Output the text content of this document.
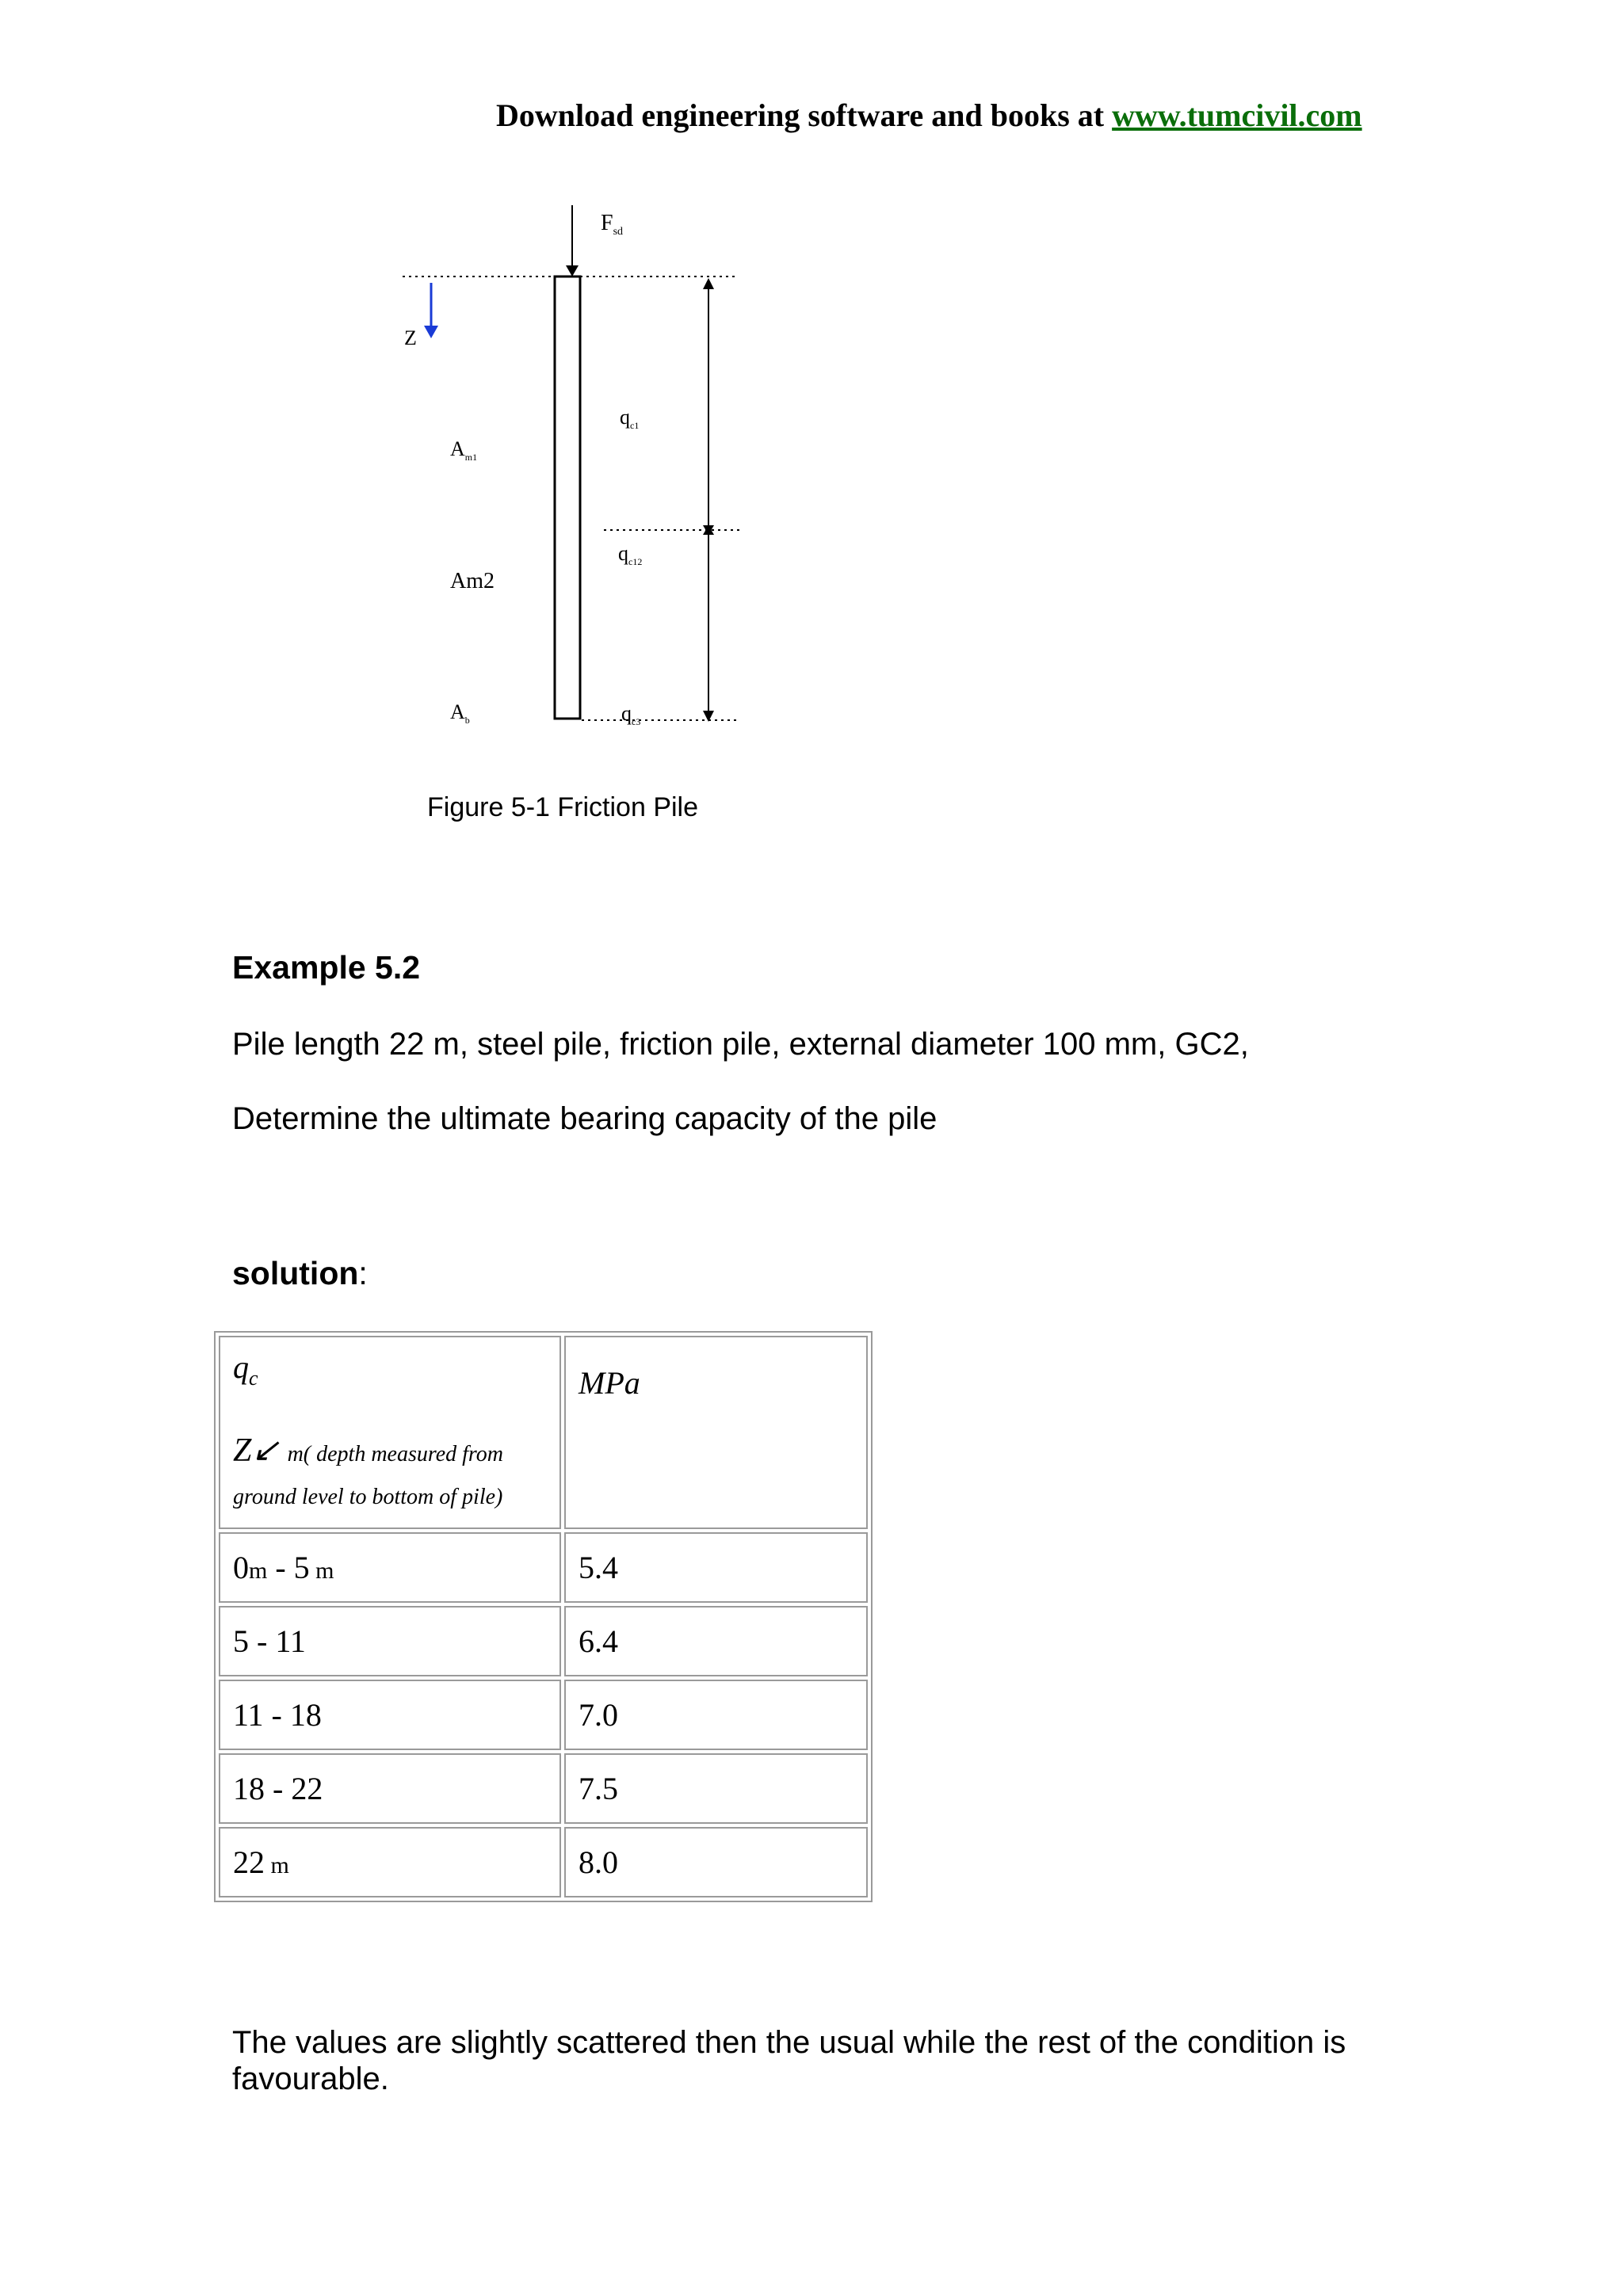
Download engineering software and books at www.tumcivil.com
$F_{sd}$
Z
$q_{c1}$
$A_{m1}$
$q_{c12}$
Am2
$q_{c3}$
$A_b$
Figure 5-1 Friction Pile
Example 5.2
Pile length 22 m, steel pile, friction pile, external diameter 100 mm, GC2,
Determine the ultimate bearing capacity of the pile
solution:
$q_c$
Z↙ m( depth measured from
ground level to bottom of pile)	MPa

0m - 5 m	5.4
5 - 11	6.4
11 - 18	7.0
18 - 22	7.5
22 m	8.0
The values are slightly scattered then the usual while the rest of the condition is favourable.
